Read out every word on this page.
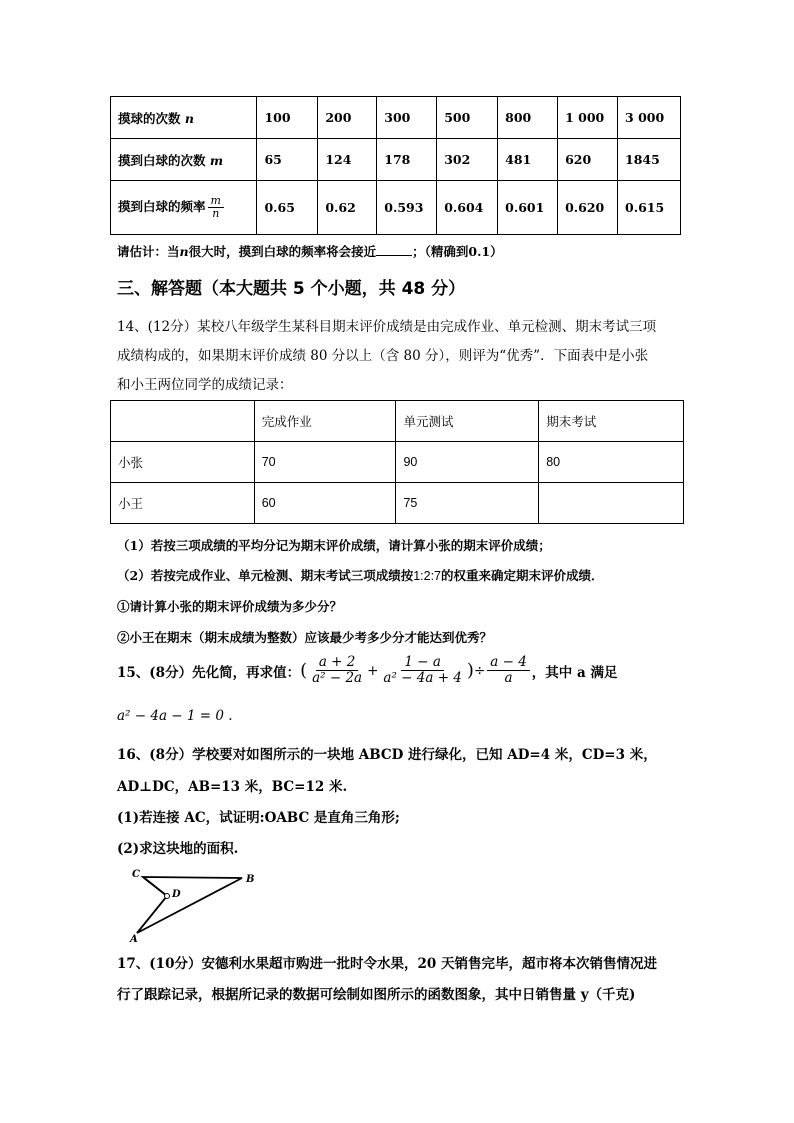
摸球的次数 n	100	200	300	500	800	1 000	3 000
摸到白球的次数 m	65	124	178	302	481	620	1845
摸到白球的频率 $\frac{m}{n}$	0.65	0.62	0.593	0.604	0.601	0.620	0.615
请估计：当n很大时，摸到白球的频率将会接近	；（精确到0.1）
三、解答题（本大题共 5 个小题，共 48 分）
14、(12分）某校八年级学生某科目期末评价成绩是由完成作业、单元检测、期末考试三项
成绩构成的，如果期末评价成绩 80 分以上（含 80 分），则评为“优秀”．下面表中是小张
和小王两位同学的成绩记录：
	完成作业	单元测试	期末考试
小张	70	90	80
小王	60	75	
（1）若按三项成绩的平均分记为期末评价成绩，请计算小张的期末评价成绩；
（2）若按完成作业、单元检测、期末考试三项成绩按1:2:7的权重来确定期末评价成绩．
①请计算小张的期末评价成绩为多少分？
②小王在期末（期末成绩为整数）应该最少考多少分才能达到优秀？
15、(8分）先化简，再求值： ( $\frac{a + 2}{\text{a² − 2a}} + \frac{1 - a}{\text{a² − 4a + 4}}$ ) ÷ $\frac{a - 4}{a}$ ，其中 a 满足
a² − 4a − 1 = 0 .
16、(8分）学校要对如图所示的一块地 ABCD 进行绿化，已知 AD=4 米，CD=3 米，
AD⊥DC，AB=13 米，BC=12 米.
(1)若连接 AC，试证明:OABC 是直角三角形;
(2)求这块地的面积.
C	B
D
A
17、(10分）安德利水果超市购进一批时令水果，20 天销售完毕，超市将本次销售情况进
行了跟踪记录，根据所记录的数据可绘制如图所示的函数图象，其中日销售量 y（千克)
